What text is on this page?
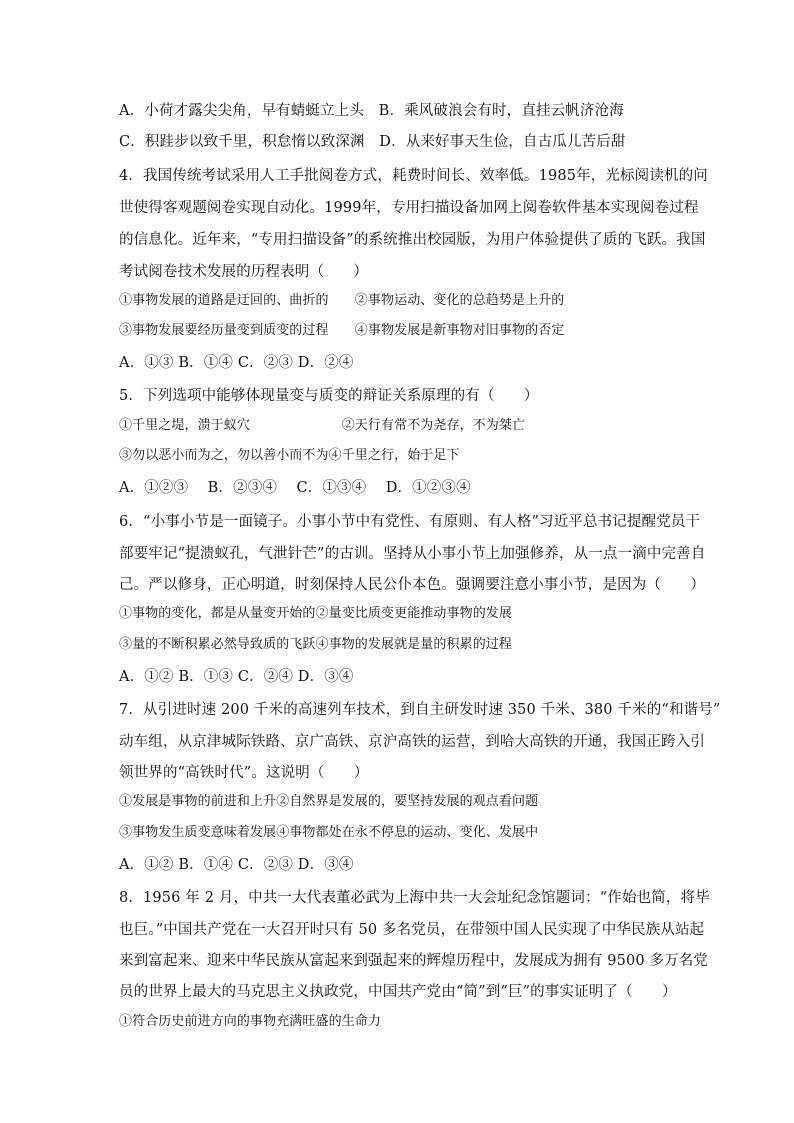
A．小荷才露尖尖角，早有蜻蜓立上头　B．乘风破浪会有时，直挂云帆济沧海
C．积跬步以致千里，积怠惰以致深渊　D．从来好事天生俭，自古瓜儿苦后甜
4．我国传统考试采用人工手批阅卷方式，耗费时间长、效率低。1985年，光标阅读机的问
世使得客观题阅卷实现自动化。1999年，专用扫描设备加网上阅卷软件基本实现阅卷过程
的信息化。近年来，“专用扫描设备”的系统推出校园版，为用户体验提供了质的飞跃。我国
考试阅卷技术发展的历程表明（　　）
①事物发展的道路是迂回的、曲折的　　②事物运动、变化的总趋势是上升的
③事物发展要经历量变到质变的过程　　④事物发展是新事物对旧事物的否定
A．①③ B．①④ C．②③ D．②④
5．下列选项中能够体现量变与质变的辩证关系原理的有（　　）
①千里之堤，溃于蚁穴　　　　　　　②天行有常不为尧存，不为桀亡
③勿以恶小而为之，勿以善小而不为④千里之行，始于足下
A．①②③　 B．②③④　 C．①③④　 D．①②③④
6．“小事小节是一面镜子。小事小节中有党性、有原则、有人格”习近平总书记提醒党员干
部要牢记“提溃蚁孔，气泄针芒”的古训。坚持从小事小节上加强修养，从一点一滴中完善自
己。严以修身，正心明道，时刻保持人民公仆本色。强调要注意小事小节，是因为（　　）
①事物的变化，都是从量变开始的②量变比质变更能推动事物的发展
③量的不断积累必然导致质的飞跃④事物的发展就是量的积累的过程
A．①② B．①③ C．②④ D．③④
7．从引进时速 200 千米的高速列车技术，到自主研发时速 350 千米、380 千米的“和谐号”
动车组，从京津城际铁路、京广高铁、京沪高铁的运营，到哈大高铁的开通，我国正跨入引
领世界的“高铁时代”。这说明（　　）
①发展是事物的前进和上升②自然界是发展的，要坚持发展的观点看问题
③事物发生质变意味着发展④事物都处在永不停息的运动、变化、发展中
A．①② B．①④ C．②③ D．③④
8．1956 年 2 月，中共一大代表董必武为上海中共一大会址纪念馆题词：“作始也简，将毕
也巨。”中国共产党在一大召开时只有 50 多名党员，在带领中国人民实现了中华民族从站起
来到富起来、迎来中华民族从富起来到强起来的辉煌历程中，发展成为拥有 9500 多万名党
员的世界上最大的马克思主义执政党，中国共产党由“简”到“巨”的事实证明了（　　）
①符合历史前进方向的事物充满旺盛的生命力
